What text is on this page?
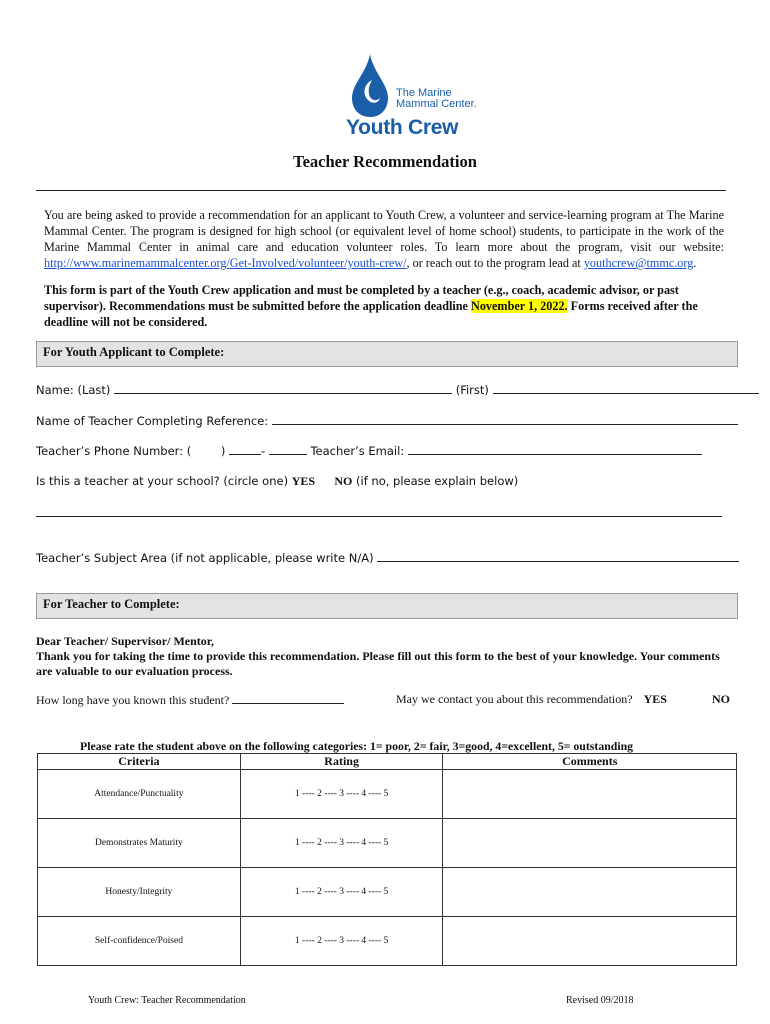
The Marine
Mammal Center.
Youth Crew
Teacher Recommendation
You are being asked to provide a recommendation for an applicant to Youth Crew, a volunteer and service-learning program at The Marine Mammal Center. The program is designed for high school (or equivalent level of home school) students, to participate in the work of the Marine Mammal Center in animal care and education volunteer roles. To learn more about the program, visit our website: http://www.marinemammalcenter.org/Get-Involved/volunteer/youth-crew/, or reach out to the program lead at youthcrew@tmmc.org.
This form is part of the Youth Crew application and must be completed by a teacher (e.g., coach, academic advisor, or past supervisor). Recommendations must be submitted before the application deadline November 1, 2022. Forms received after the deadline will not be considered.
For Youth Applicant to Complete:
Name: (Last)	(First)
Name of Teacher Completing Reference:
Teacher’s Phone Number: (	)	-	Teacher’s Email:
Is this a teacher at your school? (circle one) YES NO (if no, please explain below)
Teacher’s Subject Area (if not applicable, please write N/A)
For Teacher to Complete:
Dear Teacher/ Supervisor/ Mentor,
Thank you for taking the time to provide this recommendation. Please fill out this form to the best of your knowledge. Your comments are valuable to our evaluation process.
How long have you known this student?	May we contact you about this recommendation? YES	NO
Please rate the student above on the following categories: 1= poor, 2= fair, 3=good, 4=excellent, 5= outstanding
Criteria	Rating	Comments
Attendance/Punctuality	1 ---- 2 ---- 3 ---- 4 ---- 5	
Demonstrates Maturity	1 ---- 2 ---- 3 ---- 4 ---- 5	
Honesty/Integrity	1 ---- 2 ---- 3 ---- 4 ---- 5	
Self-confidence/Poised	1 ---- 2 ---- 3 ---- 4 ---- 5	
Youth Crew: Teacher Recommendation	Revised 09/2018
